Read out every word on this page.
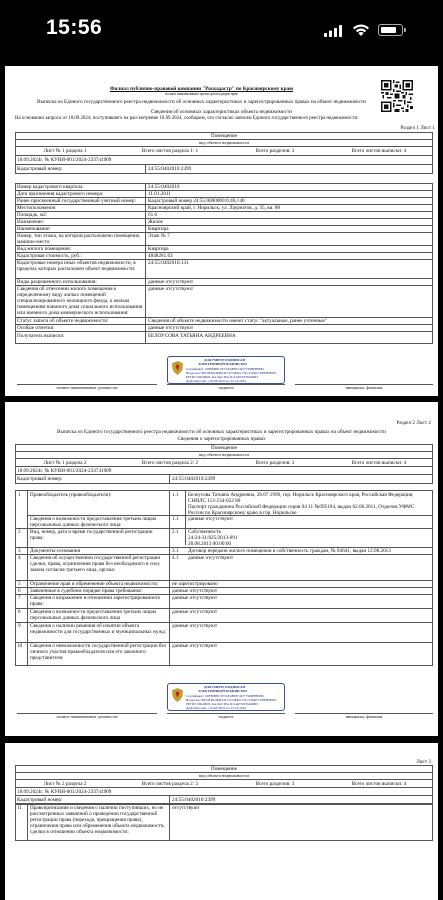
15:56
Филиал публично-правовой компании "Роскадастр" по Красноярскому краю
полное наименование органа регистрации прав
Выписка из Единого государственного реестра недвижимости об основных характеристиках и зарегистрированных правах на объект недвижимости
Сведения об основных характеристиках объекта недвижимости
На основании запроса от 18.09.2024, поступившего на рассмотрение 18.09.2024, сообщаем, что согласно записям Единого государственного реестра недвижимости:
Раздел 1 Лист 1
Помещение
вид объекта недвижимости
Лист № 1 раздела 1	Всего листов раздела 1: 1	Всего разделов: 3	Всего листов выписки: 4
18.09.2024г. № КУВИ-001/2024-233741909
Кадастровый номер:	24:55:0402010:2399
Номер кадастрового квартала:	24:55:0402010
Дата присвоения кадастрового номера:	11.01.2011
Ранее присвоенный государственный учетный номер: Кадастровый номер 24:55:0000000:0:46,//40
Местоположение:	Красноярский край, г. Норильск, ул. Лауреатов, д. 35, кв. 88
Площадь, м2:	61.6
Назначение:	Жилое
Наименование:	Квартира
Номер, тип этажа, на котором расположено помещение, машино-место:
Этаж № 7
Вид жилого помещения:	Квартира
Кадастровая стоимость, руб.:	4848281.63
Кадастровые номера иных объектов недвижимости, в пределах которых расположен объект недвижимости:
24:55:0402010:131
Виды разрешенного использования:	данные отсутствуют
Сведения об отнесении жилого помещения к определенному виду жилых помещений специализированного жилищного фонда, к жилым помещениям наемного дома социального использования или наемного дома коммерческого использования:
данные отсутствуют
Статус записи об объекте недвижимости:	Сведения об объекте недвижимости имеют статус "актуальные, ранее учтенные"
Особые отметки:	данные отсутствуют
Получатель выписки:	БЕЛОУСОВА ТАТЬЯНА АНДРЕЕВНА
ДОКУМЕНТ ПОДПИСАН
ЭЛЕКТРОННОЙ ПОДПИСЬЮ
Сертификат: 00F89B8C5E7AE4B8374257740BFB98E1
Владелец: ФЕДЕРАЛЬНАЯ СЛУЖБА ГОСУДАРСТВЕННОЙ
РЕГИСТРАЦИИ, КАДАСТРА И КАРТОГРАФИИ
Действителен: с 02.08.2023 по 25.10.2024
полное наименование должности	подпись	инициалы, фамилия
Раздел 2 Лист 2
Выписка из Единого государственного реестра недвижимости об основных характеристиках и зарегистрированных правах на объект недвижимости
Сведения о зарегистрированных правах
Помещение
вид объекта недвижимости
Лист № 1 раздела 2	Всего листов раздела 2: 2	Всего разделов: 3	Всего листов выписки: 4
18.09.2024г. № КУВИ-001/2024-233741909
Кадастровый номер:	24:55:0402010:2399
1 Правообладатель (правообладатели):	1.1 Белоусова Татьяна Андреевна, 26.07.1996, гор. Норильск Красноярского края, Российская Федерация, СНИЛС 112-234-022 80
Паспорт гражданина Российской Федерации серия 04 11 №095104, выдан 02.06.2011, Отделом УФМС России по Красноярскому краю в гор. Норильске
Сведения о возможности предоставления третьим лицам персональных данных физического лица:
1.1 данные отсутствуют
2 Вид, номер, дата и время государственной регистрации права:
2.1 Собственность
24-24-31/025/2013-091
28.08.2013 00:00:00
3 Документы-основания	3.1 Договор передачи жилого помещения в собственность граждан, № 84641, выдан 12.08.2013
4 Сведения об осуществлении государственной регистрации сделки, права, ограничения права без необходимого в силу закона согласия третьего лица, органа:
4.1 данные отсутствуют
5 Ограничение прав и обременение объекта недвижимости:	не зарегистрировано
6 Заявленные в судебном порядке права требования:	данные отсутствуют
7 Сведения о возражении в отношении зарегистрированного права:
данные отсутствуют
8 Сведения о возможности предоставления третьим лицам персональных данных физического лица
данные отсутствуют
9 Сведения о наличии решения об изъятии объекта недвижимости для государственных и муниципальных нужд:
данные отсутствуют
10 Сведения о невозможности государственной регистрации без личного участия правообладателя или его законного представителя:
данные отсутствуют
ДОКУМЕНТ ПОДПИСАН
ЭЛЕКТРОННОЙ ПОДПИСЬЮ
Сертификат: 00F89B8C5E7AE4B8374257740BFB98E1
Владелец: ФЕДЕРАЛЬНАЯ СЛУЖБА ГОСУДАРСТВЕННОЙ
РЕГИСТРАЦИИ, КАДАСТРА И КАРТОГРАФИИ
Действителен: с 02.08.2023 по 25.10.2024
полное наименование должности	подпись	инициалы, фамилия
Лист 3
Помещение
вид объекта недвижимости
Лист № 2 раздела 2	Всего листов раздела 2: 2	Всего разделов: 3	Всего листов выписки: 4
18.09.2024г. № КУВИ-001/2024-233741909
Кадастровый номер:	24:55:0402010:2399
11 Правопритязания и сведения о наличии поступивших, но не рассмотренных заявлений о проведении государственной регистрации права (перехода, прекращения права), ограничения права или обременения объекта недвижимости, сделки в отношении объекта недвижимости:
отсутствуют
